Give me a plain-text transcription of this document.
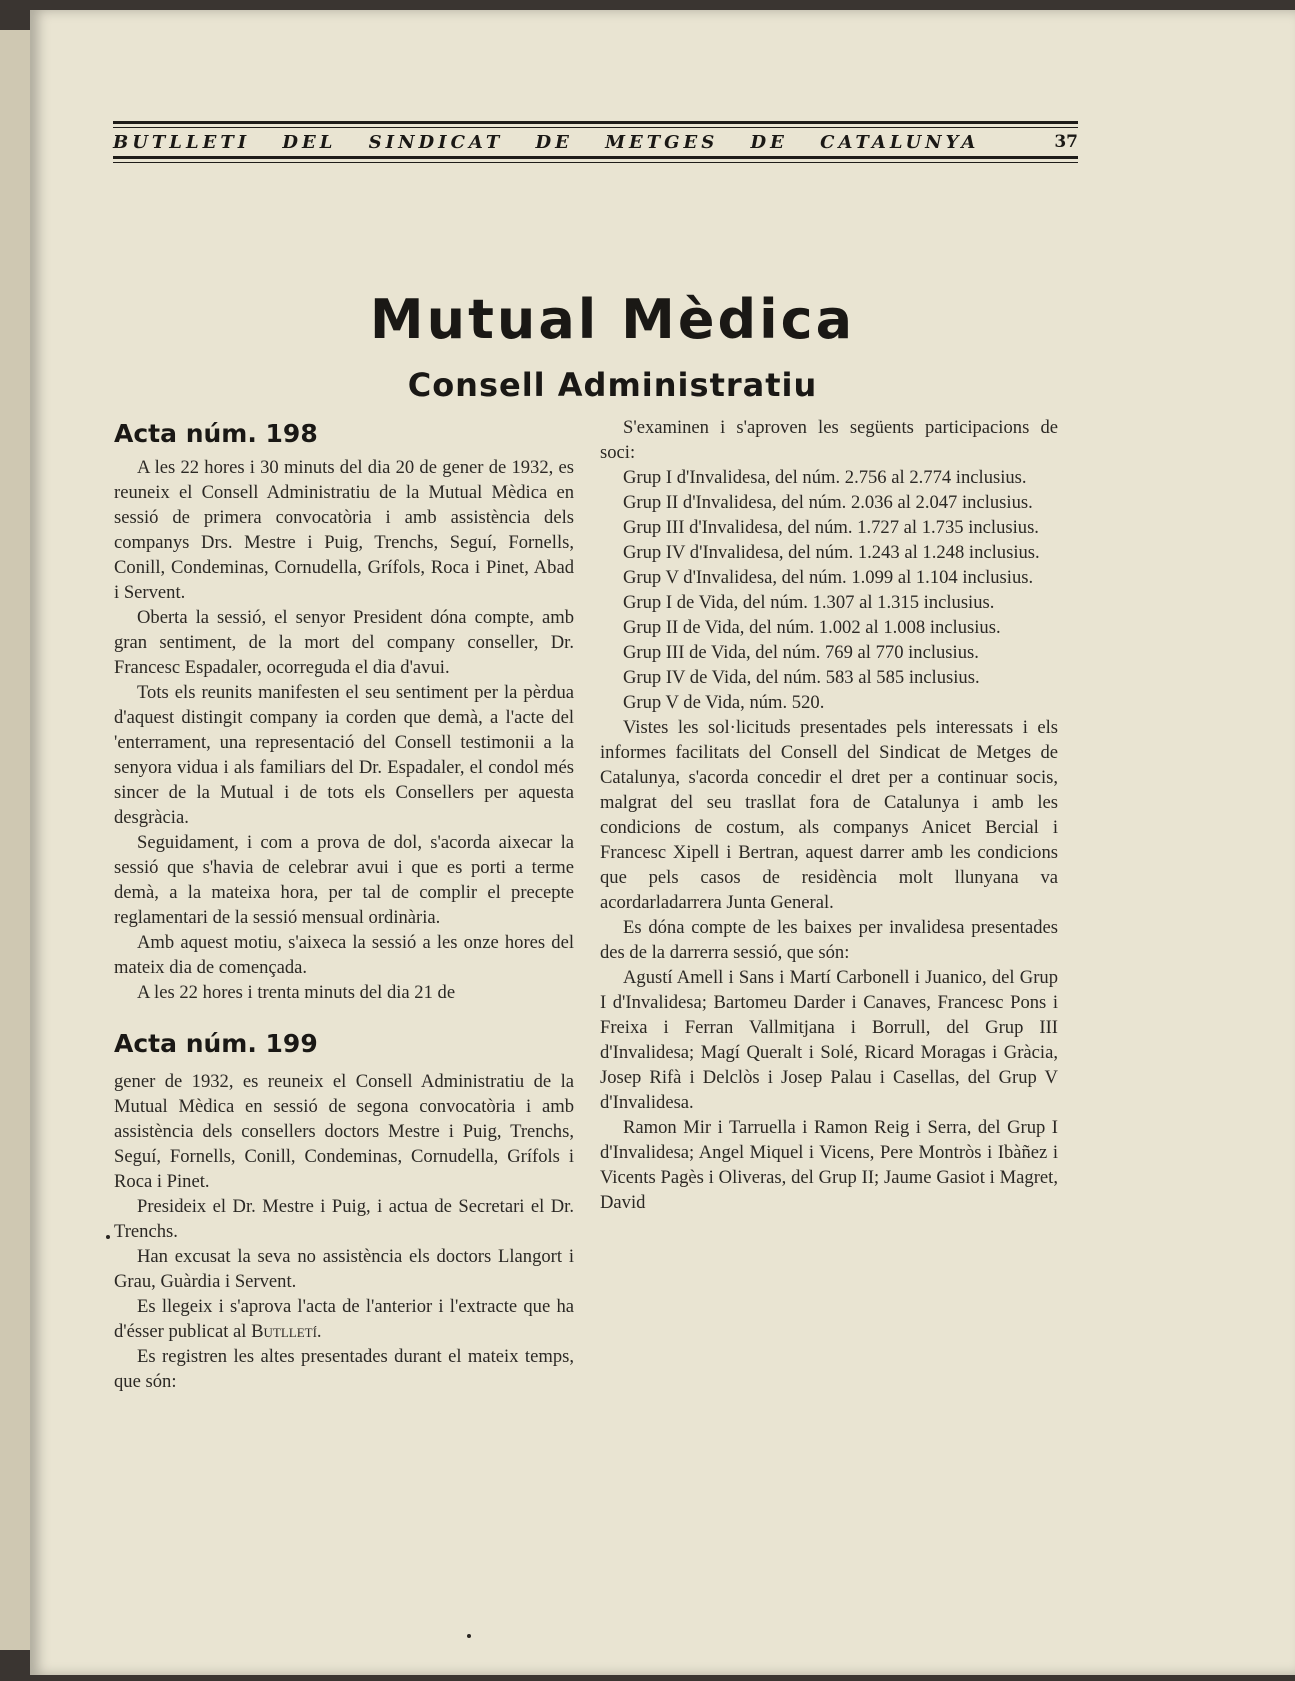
BUTLLETI DEL SINDICAT DE METGES DE CATALUNYA	37
Mutual Mèdica
Consell Administratiu
Acta núm. 198

A les 22 hores i 30 minuts del dia 20 de gener de 1932, es reuneix el Consell Administratiu de la Mutual Mèdica en sessió de primera convocatòria i amb assistència dels companys Drs. Mestre i Puig, Trenchs, Seguí, Fornells, Conill, Condeminas, Cornudella, Grífols, Roca i Pinet, Abad i Servent.

Oberta la sessió, el senyor President dóna compte, amb gran sentiment, de la mort del company conseller, Dr. Francesc Espadaler, ocorreguda el dia d'avui.

Tots els reunits manifesten el seu sentiment per la pèrdua d'aquest distingit company ia corden que demà, a l'acte del 'enterrament, una representació del Consell testimonii a la senyora vidua i als familiars del Dr. Espadaler, el condol més sincer de la Mutual i de tots els Consellers per aquesta desgràcia.

Seguidament, i com a prova de dol, s'acorda aixecar la sessió que s'havia de celebrar avui i que es porti a terme demà, a la mateixa hora, per tal de complir el precepte reglamentari de la sessió mensual ordinària.

Amb aquest motiu, s'aixeca la sessió a les onze hores del mateix dia de començada.

A les 22 hores i trenta minuts del dia 21 de

Acta núm. 199

gener de 1932, es reuneix el Consell Administratiu de la Mutual Mèdica en sessió de segona convocatòria i amb assistència dels consellers doctors Mestre i Puig, Trenchs, Seguí, Fornells, Conill, Condeminas, Cornudella, Grífols i Roca i Pinet.

Presideix el Dr. Mestre i Puig, i actua de Secretari el Dr. Trenchs.

Han excusat la seva no assistència els doctors Llangort i Grau, Guàrdia i Servent.

Es llegeix i s'aprova l'acta de l'anterior i l'extracte que ha d'ésser publicat al Butlletí.

Es registren les altes presentades durant el mateix temps, que són:

S'examinen i s'aproven les següents participacions de soci:

Grup I d'Invalidesa, del núm. 2.756 al 2.774 inclusius.

Grup II d'Invalidesa, del núm. 2.036 al 2.047 inclusius.

Grup III d'Invalidesa, del núm. 1.727 al 1.735 inclusius.

Grup IV d'Invalidesa, del núm. 1.243 al 1.248 inclusius.

Grup V d'Invalidesa, del núm. 1.099 al 1.104 inclusius.

Grup I de Vida, del núm. 1.307 al 1.315 inclusius.

Grup II de Vida, del núm. 1.002 al 1.008 inclusius.

Grup III de Vida, del núm. 769 al 770 inclusius.

Grup IV de Vida, del núm. 583 al 585 inclusius.

Grup V de Vida, núm. 520.

Vistes les sol·licituds presentades pels interessats i els informes facilitats del Consell del Sindicat de Metges de Catalunya, s'acorda concedir el dret per a continuar socis, malgrat del seu trasllat fora de Catalunya i amb les condicions de costum, als companys Anicet Bercial i Francesc Xipell i Bertran, aquest darrer amb les condicions que pels casos de residència molt llunyana va acordarladarrera Junta General.

Es dóna compte de les baixes per invalidesa presentades des de la darrerra sessió, que són:

Agustí Amell i Sans i Martí Carbonell i Juanico, del Grup I d'Invalidesa; Bartomeu Darder i Canaves, Francesc Pons i Freixa i Ferran Vallmitjana i Borrull, del Grup III d'Invalidesa; Magí Queralt i Solé, Ricard Moragas i Gràcia, Josep Rifà i Delclòs i Josep Palau i Casellas, del Grup V d'Invalidesa.

Ramon Mir i Tarruella i Ramon Reig i Serra, del Grup I d'Invalidesa; Angel Miquel i Vicens, Pere Montròs i Ibàñez i Vicents Pagès i Oliveras, del Grup II; Jaume Gasiot i Magret, David
